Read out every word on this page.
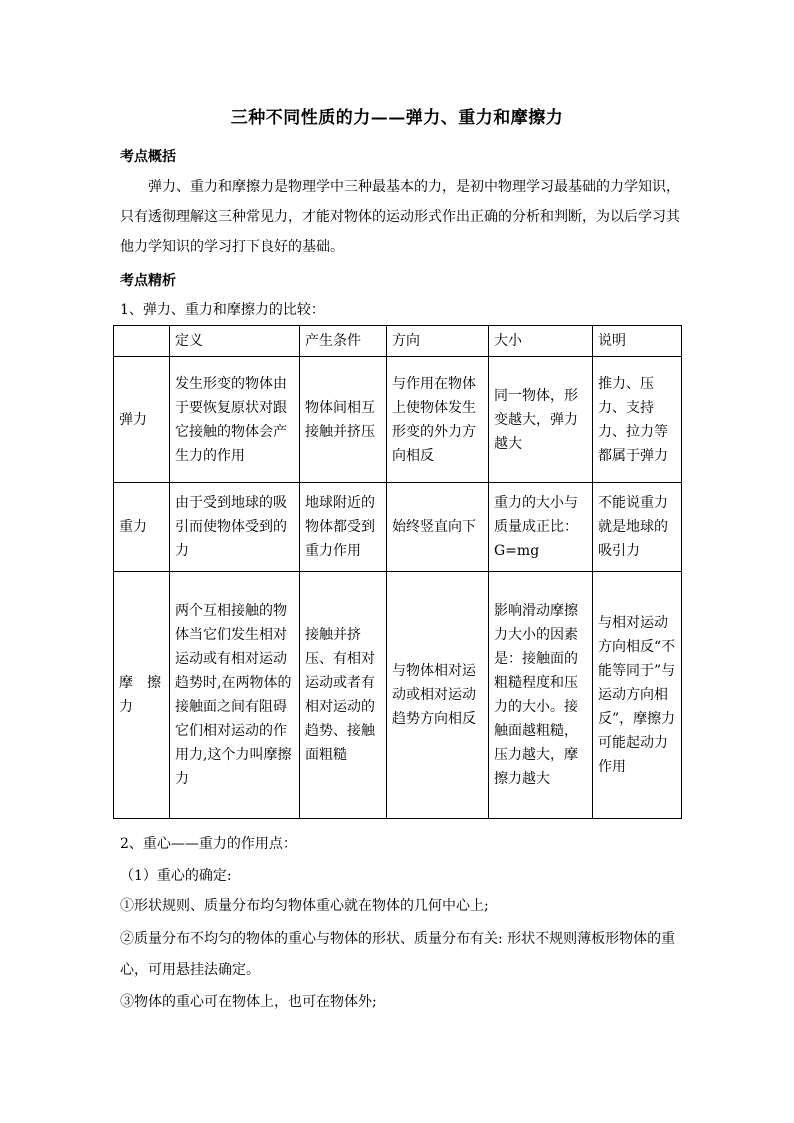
三种不同性质的力——弹力、重力和摩擦力
考点概括
弹力、重力和摩擦力是物理学中三种最基本的力，是初中物理学习最基础的力学知识，只有透彻理解这三种常见力，才能对物体的运动形式作出正确的分析和判断，为以后学习其他力学知识的学习打下良好的基础。
考点精析
1、弹力、重力和摩擦力的比较：
	定义	产生条件	方向	大小	说明
弹力	发生形变的物体由于要恢复原状对跟它接触的物体会产生力的作用	物体间相互接触并挤压	与作用在物体上使物体发生形变的外力方向相反	同一物体，形变越大，弹力越大	推力、压力、支持力、拉力等都属于弹力
重力	由于受到地球的吸引而使物体受到的力	地球附近的物体都受到重力作用	始终竖直向下	重力的大小与质量成正比：G=mg	不能说重力就是地球的吸引力
摩　擦力	两个互相接触的物体当它们发生相对运动或有相对运动趋势时,在两物体的接触面之间有阻碍它们相对运动的作用力,这个力叫摩擦力	接触并挤压、有相对运动或者有相对运动的趋势、接触面粗糙	与物体相对运动或相对运动趋势方向相反	影响滑动摩擦力大小的因素是：接触面的粗糙程度和压力的大小。接触面越粗糙，压力越大，摩擦力越大	与相对运动方向相反“不能等同于”与运动方向相反”，摩擦力可能起动力作用
2、重心——重力的作用点：
（1）重心的确定:
①形状规则、质量分布均匀物体重心就在物体的几何中心上;
②质量分布不均匀的物体的重心与物体的形状、质量分布有关: 形状不规则薄板形物体的重
心，可用悬挂法确定。
③物体的重心可在物体上，也可在物体外;
